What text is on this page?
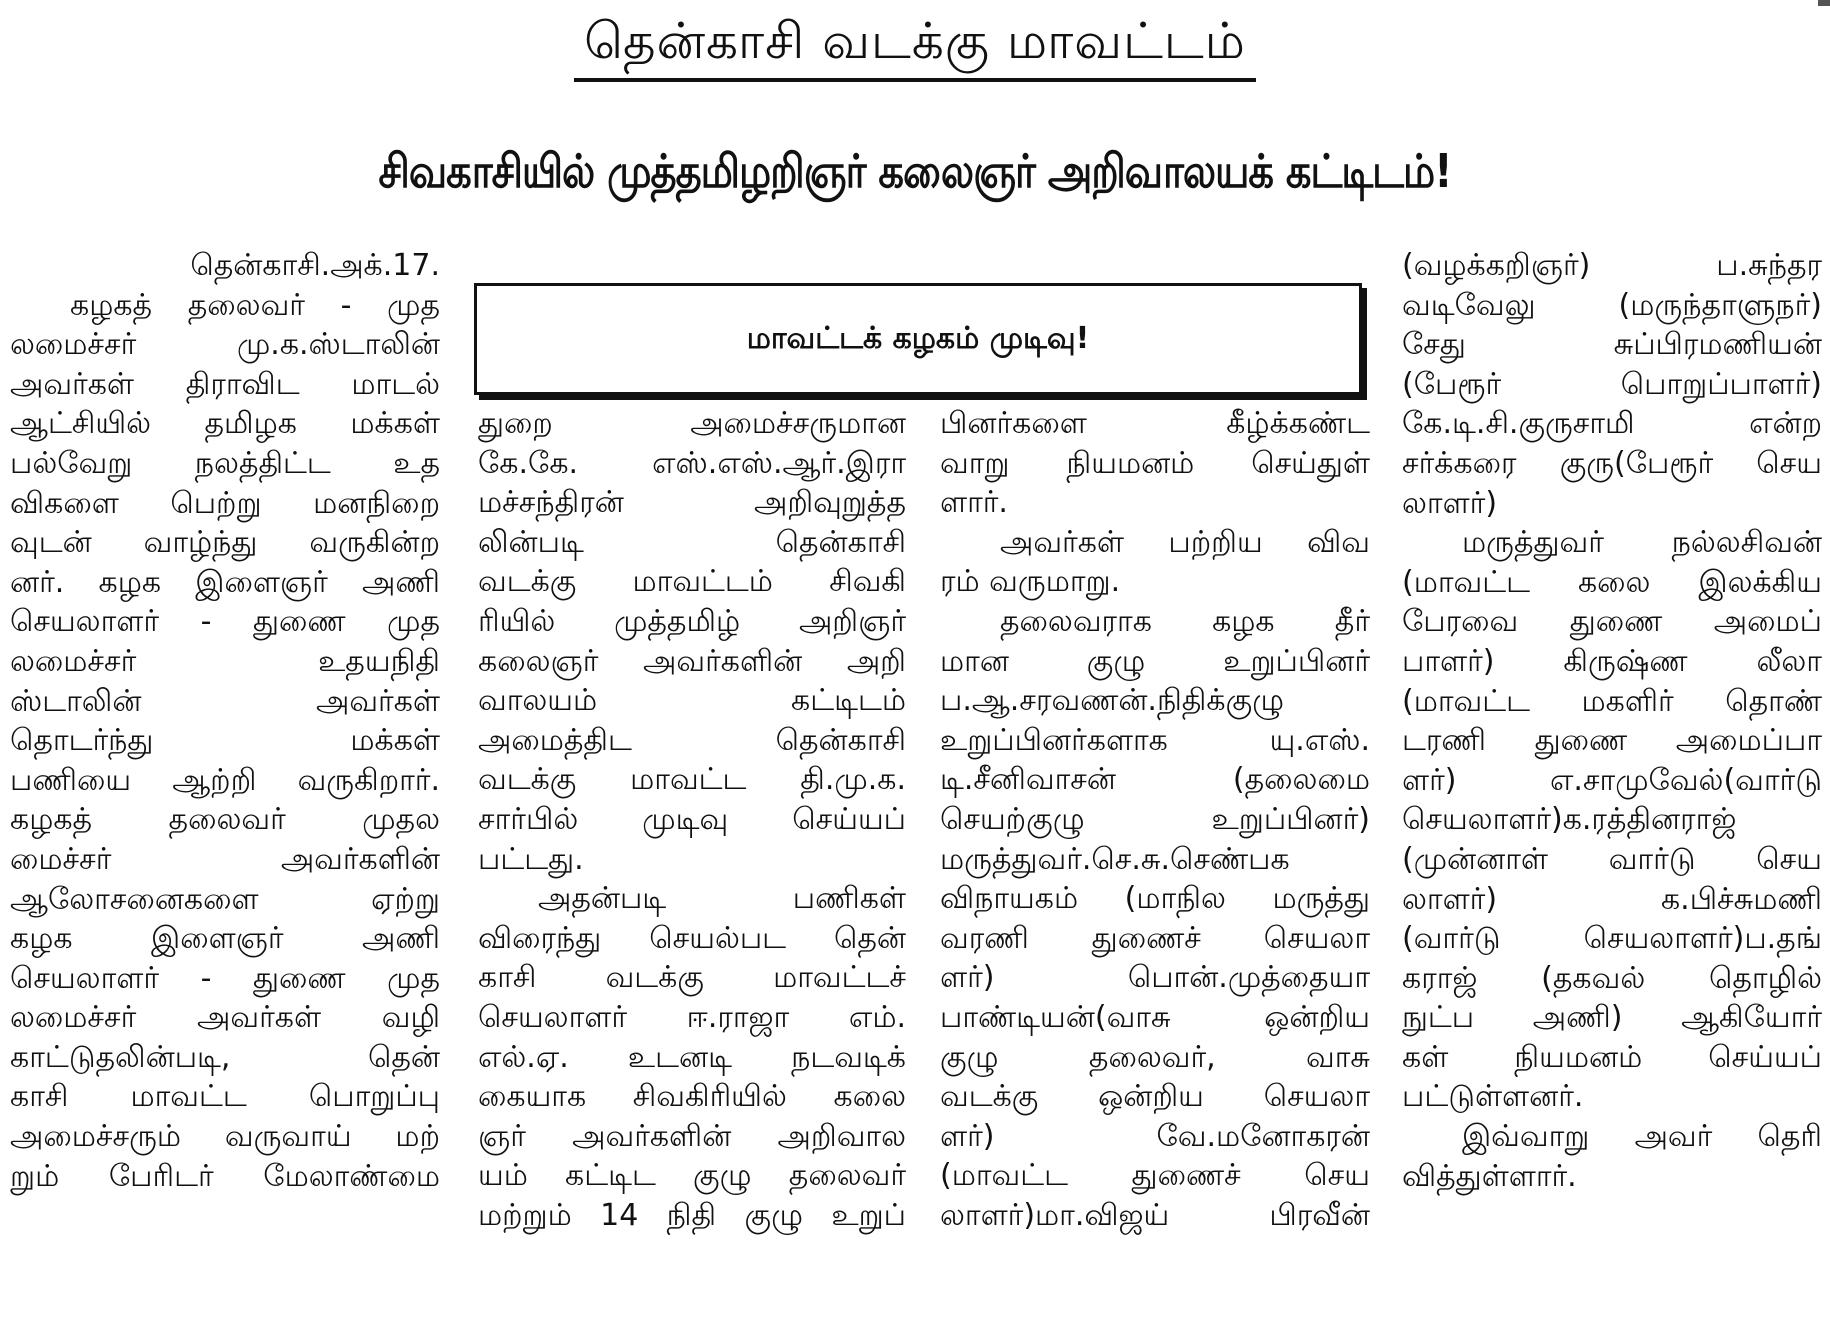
தென்காசி வடக்கு மாவட்டம்
சிவகாசியில் முத்தமிழறிஞர் கலைஞர் அறிவாலயக் கட்டிடம்!
மாவட்டக் கழகம் முடிவு!
தென்காசி.அக்.17.
கழகத் தலைவர் - முத
லமைச்சர் மு.க.ஸ்டாலின்
அவர்கள் திராவிட மாடல்
ஆட்சியில் தமிழக மக்கள்
பல்வேறு நலத்திட்ட உத
விகளை பெற்று மனநிறை
வுடன் வாழ்ந்து வருகின்ற
னர். கழக இளைஞர் அணி
செயலாளர் - துணை முத
லமைச்சர் உதயநிதி
ஸ்டாலின் அவர்கள்
தொடர்ந்து மக்கள்
பணியை ஆற்றி வருகிறார்.
கழகத் தலைவர் முதல
மைச்சர் அவர்களின்
ஆலோசனைகளை ஏற்று
கழக இளைஞர் அணி
செயலாளர் - துணை முத
லமைச்சர் அவர்கள் வழி
காட்டுதலின்படி, தென்
காசி மாவட்ட பொறுப்பு
அமைச்சரும் வருவாய் மற்
றும் பேரிடர் மேலாண்மை
துறை அமைச்சருமான
கே.கே. எஸ்.எஸ்.ஆர்.இரா
மச்சந்திரன் அறிவுறுத்த
லின்படி தென்காசி
வடக்கு மாவட்டம் சிவகி
ரியில் முத்தமிழ் அறிஞர்
கலைஞர் அவர்களின் அறி
வாலயம் கட்டிடம்
அமைத்திட தென்காசி
வடக்கு மாவட்ட தி.மு.க.
சார்பில் முடிவு செய்யப்
பட்டது.
அதன்படி பணிகள்
விரைந்து செயல்பட தென்
காசி வடக்கு மாவட்டச்
செயலாளர் ஈ.ராஜா எம்.
எல்.ஏ. உடனடி நடவடிக்
கையாக சிவகிரியில் கலை
ஞர் அவர்களின் அறிவால
யம் கட்டிட குழு தலைவர்
மற்றும் 14 நிதி குழு உறுப்
பினர்களை கீழ்க்கண்ட
வாறு நியமனம் செய்துள்
ளார்.
அவர்கள் பற்றிய விவ
ரம் வருமாறு.
தலைவராக கழக தீர்
மான குழு உறுப்பினர்
ப.ஆ.சரவணன்.நிதிக்குழு
உறுப்பினர்களாக யு.எஸ்.
டி.சீனிவாசன் (தலைமை
செயற்குழு உறுப்பினர்)
மருத்துவர்.செ.சு.செண்பக
விநாயகம் (மாநில மருத்து
வரணி துணைச் செயலா
ளர்) பொன்.முத்தையா
பாண்டியன்(வாசு ஒன்றிய
குழு தலைவர், வாசு
வடக்கு ஒன்றிய செயலா
ளர்) வே.மனோகரன்
(மாவட்ட துணைச் செய
லாளர்)மா.விஜய் பிரவீன்
(வழக்கறிஞர்) ப.சுந்தர
வடிவேலு (மருந்தாளுநர்)
சேது சுப்பிரமணியன்
(பேரூர் பொறுப்பாளர்)
கே.டி.சி.குருசாமி என்ற
சர்க்கரை குரு(பேரூர் செய
லாளர்)
மருத்துவர் நல்லசிவன்
(மாவட்ட கலை இலக்கிய
பேரவை துணை அமைப்
பாளர்) கிருஷ்ண லீலா
(மாவட்ட மகளிர் தொண்
டரணி துணை அமைப்பா
ளர்) எ.சாமுவேல்(வார்டு
செயலாளர்)க.ரத்தினராஜ்
(முன்னாள் வார்டு செய
லாளர்) க.பிச்சுமணி
(வார்டு செயலாளர்)ப.தங்
கராஜ் (தகவல் தொழில்
நுட்ப அணி) ஆகியோர்
கள் நியமனம் செய்யப்
பட்டுள்ளனர்.
இவ்வாறு அவர் தெரி
வித்துள்ளார்.
